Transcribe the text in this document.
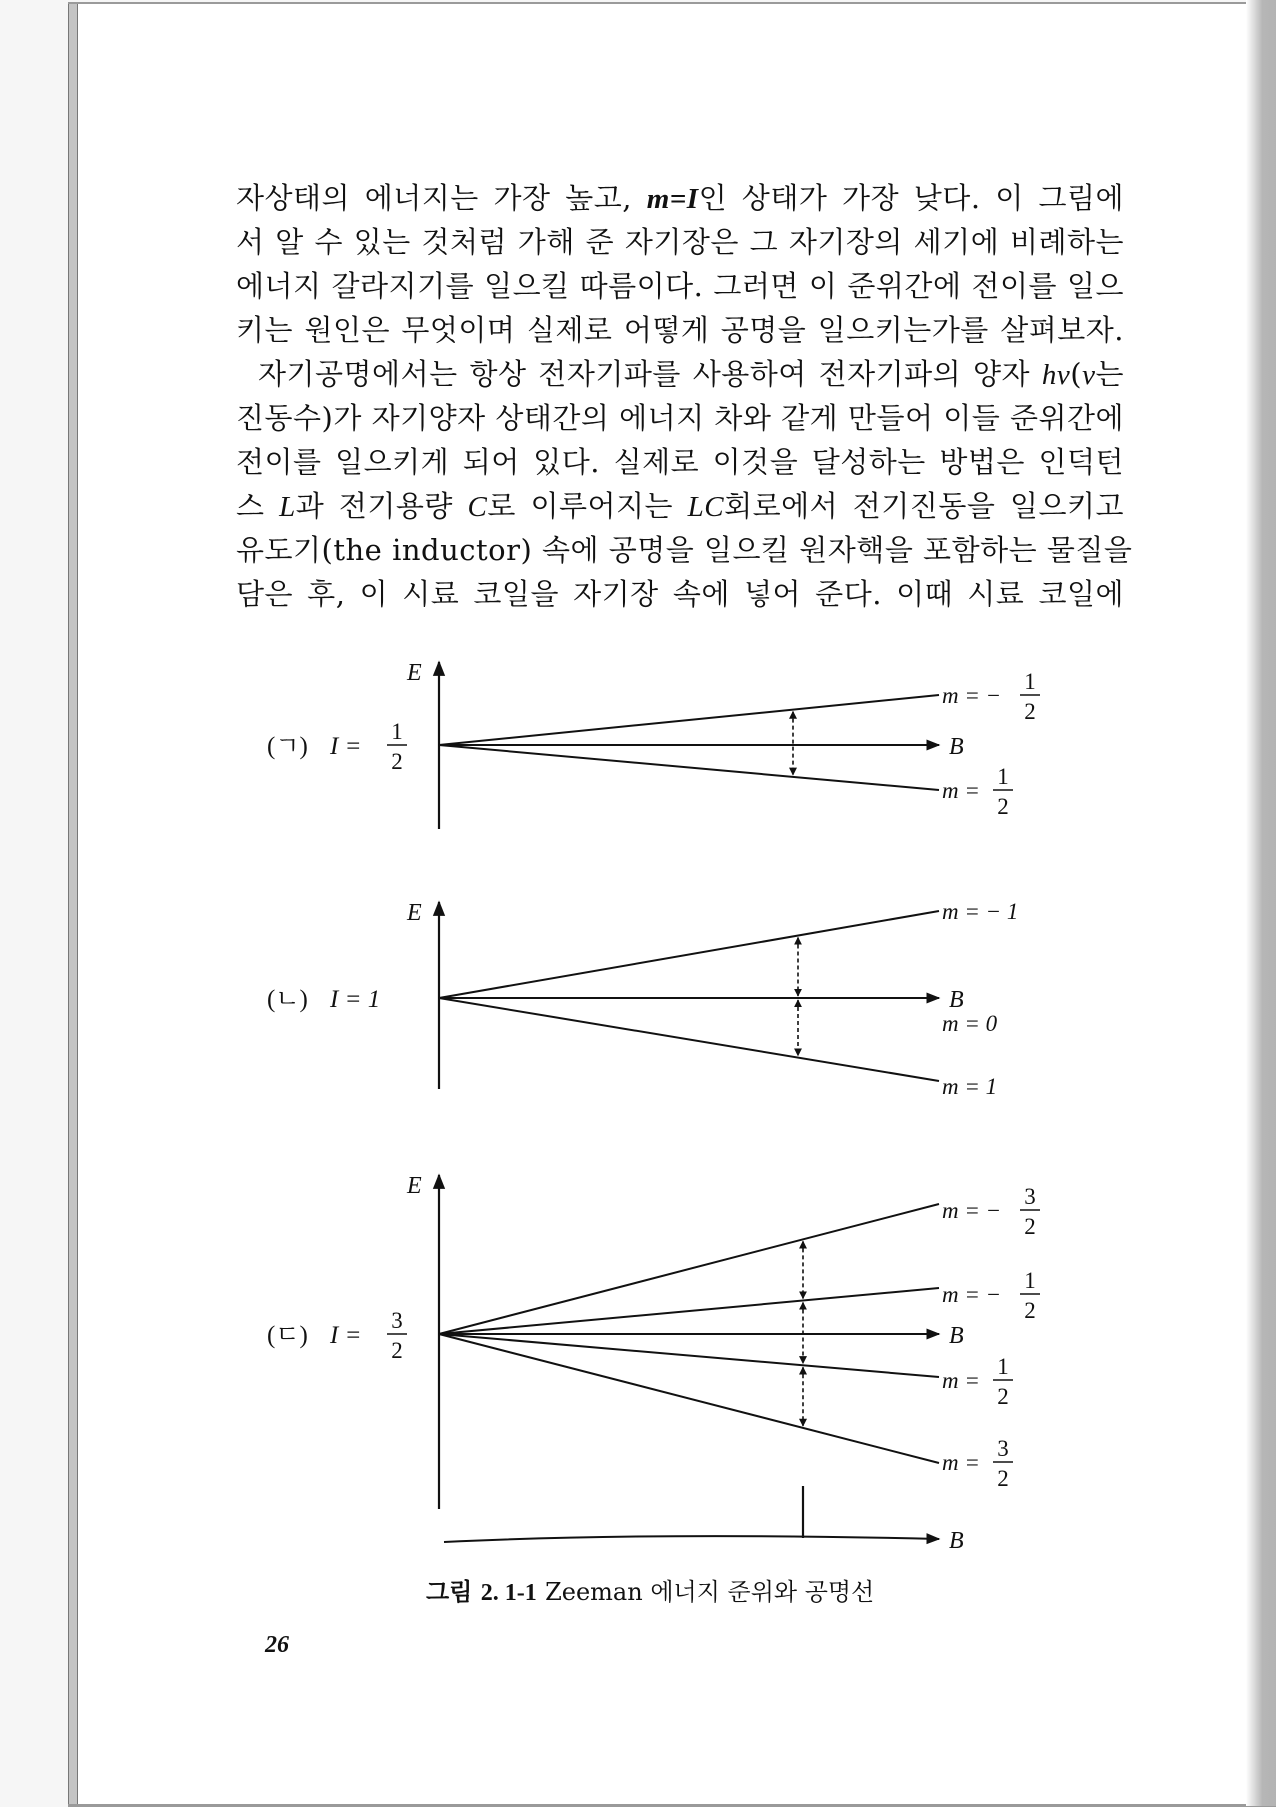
자상태의 에너지는 가장 높고, m=I인 상태가 가장 낮다. 이 그림에
서 알 수 있는 것처럼 가해 준 자기장은 그 자기장의 세기에 비례하는
에너지 갈라지기를 일으킬 따름이다. 그러면 이 준위간에 전이를 일으
키는 원인은 무엇이며 실제로 어떻게 공명을 일으키는가를 살펴보자.
자기공명에서는 항상 전자기파를 사용하여 전자기파의 양자 hν(ν는
진동수)가 자기양자 상태간의 에너지 차와 같게 만들어 이들 준위간에
전이를 일으키게 되어 있다. 실제로 이것을 달성하는 방법은 인덕턴
스 L과 전기용량 C로 이루어지는 LC회로에서 전기진동을 일으키고
유도기(the inductor) 속에 공명을 일으킬 원자핵을 포함하는 물질을
담은 후, 이 시료 코일을 자기장 속에 넣어 준다. 이때 시료 코일에
E
B
(ㄱ) I =
1
2
m = −
1
2
m =
1
2
E
B
(ㄴ) I = 1
m = − 1
m = 0
m = 1
E
B
(ㄷ) I =
3
2
m = −
3
2
m = −
1
2
m =
1
2
m =
3
2
B
그림 2. 1-1 Zeeman 에너지 준위와 공명선
26
